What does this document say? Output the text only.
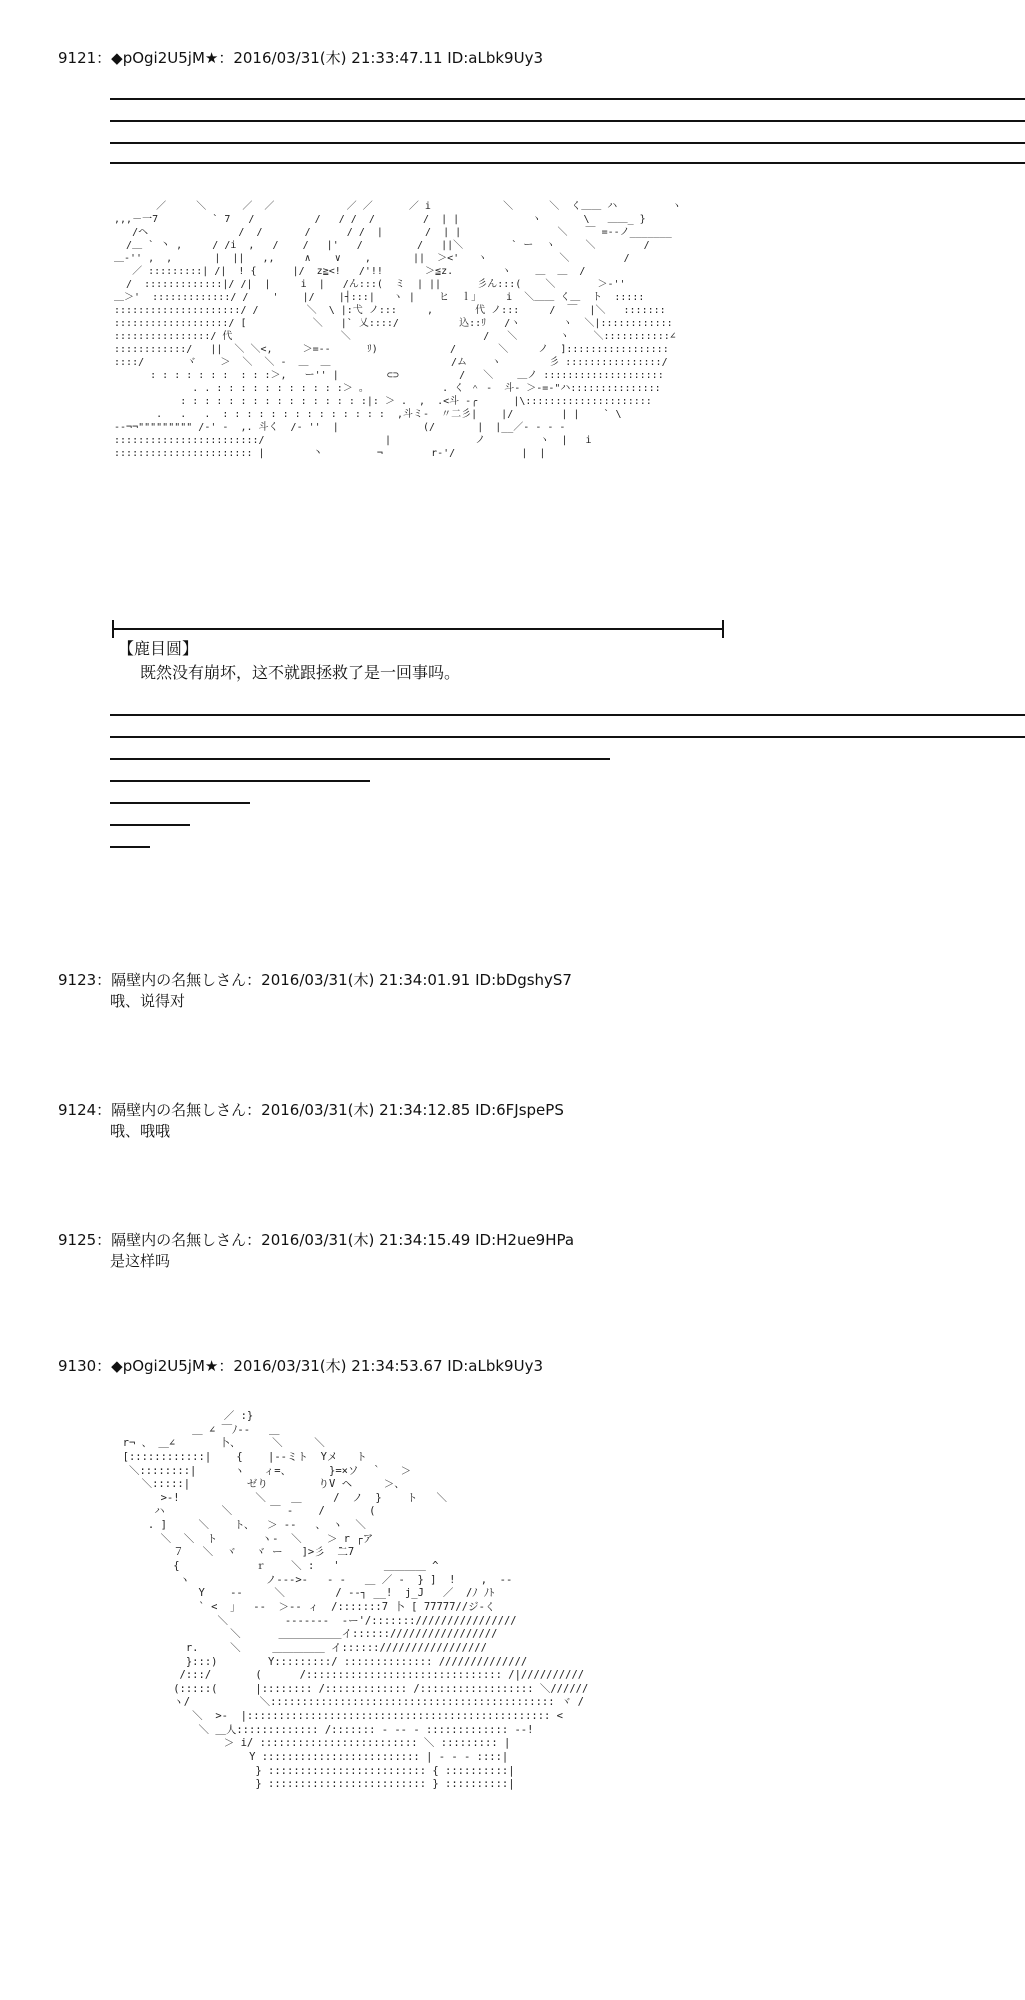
9121：◆pOgi2U5jM★：2016/03/31(木) 21:33:47.11 ID:aLbk9Uy3
／     ＼      ／  ／            ／ ／      ／ i            ＼      ＼  く＿＿ ハ         ヽ
,,,－一7         ` 7   /          /   / /  /        /  | |            ヽ       \   ＿＿_ }
/ヘ               /  /       /      / /  |       /  | |                ＼   ￣ =-‐ノ_______
/＿ ` 丶 ,     / /i  ,   /    /   |'   /         /   ||＼        ` ー  ヽ     ＼        /
＿‐'' ,  ,       |  ||   ,,     ∧    ∨    ,       ||  ＞<'   ヽ            ＼         /
／ :::::::::| /|  ! {      |/  z≧<!   /'!!       ＞≦z.        ヽ    ＿  ＿  /
/  :::::::::::::|/ /|  |     i  |   /ん:::(  ミ  | ||      彡ん:::(    ＼       ＞‐''
＿＞'  :::::::::::::/ /    '    |/    |┤:::|   ヽ |    ヒ  ｌ｣     i  ＼＿＿ く＿  ト  :::::
:::::::::::::::::::::/ /        ＼  \ |:弋 ノ:::     ,       代 ノ:::     /  ￣  |＼   :::::::
:::::::::::::::::::/ [           ＼   |` 乂::::/          込::ﾘ   /ヽ       ヽ  ＼|::::::::::::
::::::::::::::::/ 代                  ＼                      /   ＼       ヽ    ＼:::::::::::∠
::::::::::::/   ||  ＼ ＼<,     ＞=-‐      ﾘ)            /       ＼     ノ  ]:::::::::::::::::
::::/       ヾ    ＞  ＼  ＼ ‐  ＿  ＿                    /ム    ヽ        彡 ::::::::::::::::/
: : : : : : :  : : :＞,   ー'' |        ⊂⊃          /   ＼    ＿ノ ::::::::::::::::::::
. . : : : : : : : : : : :＞ ｡             . く ＾ ‐  斗‐ ＞-=-"ハ:::::::::::::::
: : : : : : : : : : : : : : : :|: ＞ .  ,  .<斗 ‐╭      |\:::::::::::::::::::::
.   .   .  : : : : : : : : : : : : : :  ,斗ミ‐  〃二彡|    |/        | |    ` \
‐‐¬¬""""""""" /‐' ‐  ,. 斗く  /‐ ''  |              (/       |  |__／‐ ‐ ‐ ‐
::::::::::::::::::::::::/                    |              ノ         ヽ  |   i
::::::::::::::::::::::: |        丶         ¬        r‐'/           |  |
【鹿目圆】
既然没有崩坏，这不就跟拯救了是一回事吗。
9123：隔壁内の名無しさん：2016/03/31(木) 21:34:01.91 ID:bDgshyS7
哦、说得对
9124：隔壁内の名無しさん：2016/03/31(木) 21:34:12.85 ID:6FJspePS
哦、哦哦
9125：隔壁内の名無しさん：2016/03/31(木) 21:34:15.49 ID:H2ue9HPa
是这样吗
9130：◆pOgi2U5jM★：2016/03/31(木) 21:34:53.67 ID:aLbk9Uy3
／ :}
＿ ∠ ￣ﾉ‐‐   ＿
r¬ 、 ＿∠       卜、     ＼     ＼
[::::::::::::|    {    |‐‐ミト  Yメ   ト
＼::::::::|      ヽ   ィ=、      }=×ソ  ｀   ＞
＼:::::|         ゼり        りV ヘ     ＞、
>-!            ＼    ＿     /  ノ  }    ト   ＼
ハ         ＼      ￣ ‐    /       (
. ]     ＼    ト、  ＞ ‐‐   、 ヽ  ＼
＼  ＼  ト       ヽ‐  ＼    ＞ r ┌ア
７   ＼  ヾ   ヾ ー   ]>彡  ̄二7
{            ｒ    ＼ :   '       ＿＿＿＿ ^
ヽ            ノ‐‐‐>‐   ‐ ‐   ＿ ／ ‐  } ]  !    ,  ‐‐
Y    ‐‐     ＼        / ‐‐┐ __!  j_J   ／  /ﾉ ﾉﾄ
` <  」  ‐‐  ＞‐‐ ィ  /:::::::7 卜 [ 77777//ジ‐く
＼         ‐‐‐‐‐‐‐  ‐ー'/:::::::////////////////
＼      ＿＿＿＿＿＿イ:::::://///////////////
r.     ＼     ＿＿＿＿＿ イ:::::://///////////////
}:::)        Y:::::::::/ :::::::::::::: //////////////
/:::/       (      /::::::::::::::::::::::::::::::: /|//////////
(:::::(      |:::::::: /::::::::::::: /:::::::::::::::::: ＼//////
ヽ/           ＼::::::::::::::::::::::::::::::::::::::::::::: ヾ /
＼  >‐  |:::::::::::::::::::::::::::::::::::::::::::::::: <
＼ ＿人::::::::::::: /::::::: ‐ ‐‐ ‐ ::::::::::::: ‐‐!
＞ i/ ::::::::::::::::::::::::: ＼ ::::::::: |
Y ::::::::::::::::::::::::: | ‐ ‐ ‐ ::::|
} ::::::::::::::::::::::::: { ::::::::::|
} ::::::::::::::::::::::::: } ::::::::::|
